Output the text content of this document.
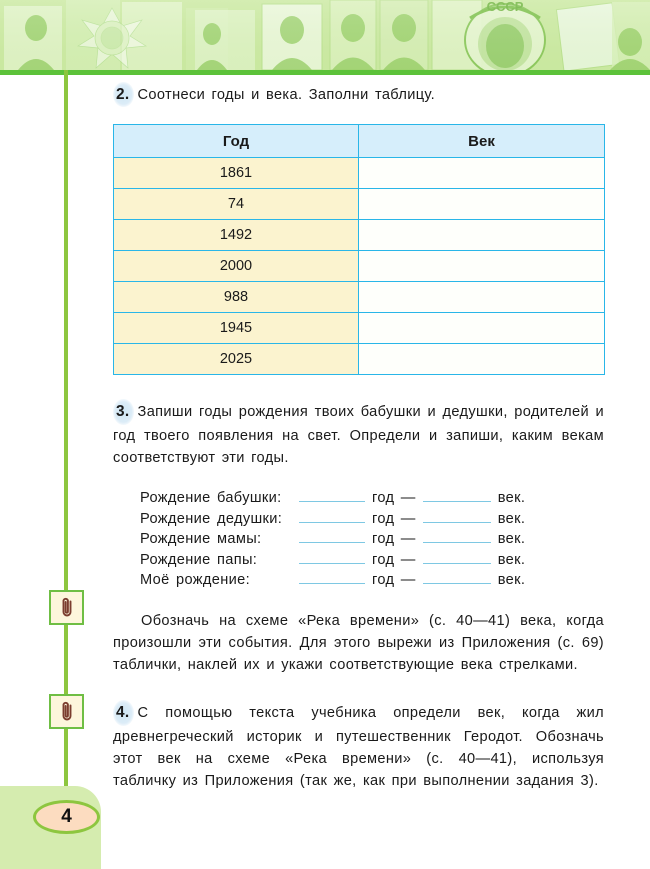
СССР
4
2. Соотнеси годы и века. Заполни таблицу.
Год	Век
1861	
74	
1492	
2000	
988	
1945	
2025	
3. Запиши годы рождения твоих бабушки и дедушки, родителей и год твоего появления на свет. Определи и запиши, каким векам соответствуют эти годы.
Рождение бабушки:	год —	век.
Рождение дедушки:	год —	век.
Рождение мамы:	год —	век.
Рождение папы:	год —	век.
Моё рождение:	год —	век.
Обозначь на схеме «Река времени» (с. 40—41) века, когда произошли эти события. Для этого вырежи из Приложения (с. 69) таблички, наклей их и укажи соответствующие века стрелками.
4. С помощью текста учебника определи век, когда жил древнегреческий историк и путешественник Геродот. Обозначь этот век на схеме «Река времени» (с. 40—41), используя табличку из Приложения (так же, как при выполнении задания 3).
